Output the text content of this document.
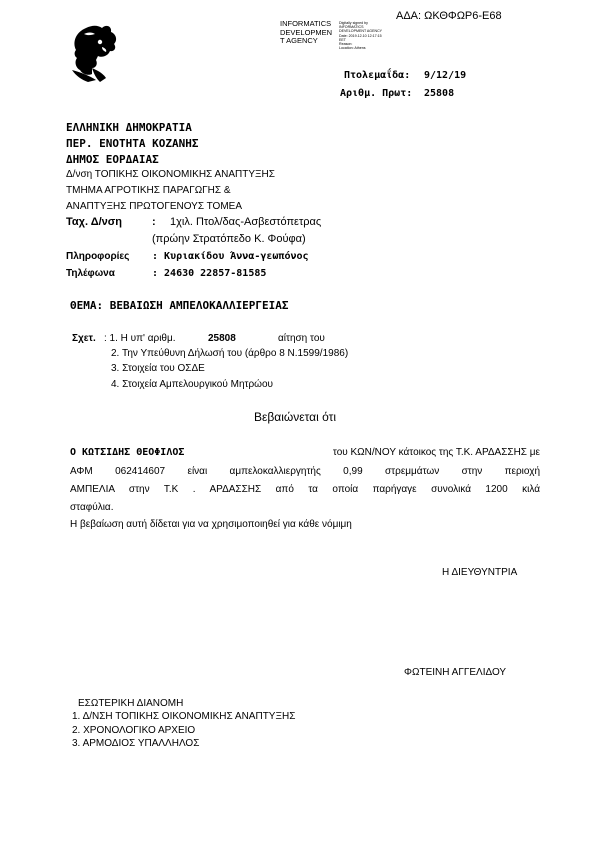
ΑΔΑ: ΩΚΘΦΩΡ6-Ε68
INFORMATICS
DEVELOPMEN
T AGENCY
Digitally signed by
INFORMATICS
DEVELOPMENT AGENCY
Date: 2019.12.10 12:17:15
EET
Reason:
Location: Athens
Πτολεμαΐδα: 9/12/19
Αριθμ. Πρωτ: 25808
ΕΛΛΗΝΙΚΗ ΔΗΜΟΚΡΑΤΙΑ
ΠΕΡ. ΕΝΟΤΗΤΑ ΚΟΖΑΝΗΣ
ΔΗΜΟΣ ΕΟΡΔΑΙΑΣ
Δ/νση ΤΟΠΙΚΗΣ ΟΙΚΟΝΟΜΙΚΗΣ ΑΝΑΠΤΥΞΗΣ
ΤΜΗΜΑ ΑΓΡΟΤΙΚΗΣ ΠΑΡΑΓΩΓΗΣ &
ΑΝΑΠΤΥΞΗΣ ΠΡΩΤΟΓΕΝΟΥΣ ΤΟΜΕΑ
Ταχ. Δ/νση	: 1χιλ. Πτολ/δας-Ασβεστόπετρας
(πρώην Στρατόπεδο Κ. Φούφα)
Πληροφορίες : Κυριακίδου Άννα-γεωπόνος
Τηλέφωνα	: 24630 22857-81585
ΘΕΜΑ: ΒΕΒΑΙΩΣΗ ΑΜΠΕΛΟΚΑΛΛΙΕΡΓΕΙΑΣ
Σχετ. : 1. Η υπ' αριθμ.	25808	αίτηση του
2. Την Υπεύθυνη Δήλωσή του (άρθρο 8 Ν.1599/1986)
3. Στοιχεία του ΟΣΔΕ
4. Στοιχεία Αμπελουργικού Μητρώου
Βεβαιώνεται ότι
Ο ΚΩΤΣΙΔΗΣ ΘΕΟΦΙΛΟΣ	του ΚΩΝ/ΝΟΥ κάτοικος της Τ.Κ. ΑΡΔΑΣΣΗΣ με
ΑΦΜ 062414607 είναι αμπελοκαλλιεργητής 0,99 στρεμμάτων στην περιοχή
ΑΜΠΕΛΙΑ στην Τ.Κ . ΑΡΔΑΣΣΗΣ από τα οποία παρήγαγε συνολικά 1200 κιλά
σταφύλια.
Η βεβαίωση αυτή δίδεται για να χρησιμοποιηθεί για κάθε νόμιμη
Η ΔΙΕΥΘΥΝΤΡΙΑ
ΦΩΤΕΙΝΗ ΑΓΓΕΛΙΔΟΥ
ΕΣΩΤΕΡΙΚΗ ΔΙΑΝΟΜΗ
1. Δ/ΝΣΗ ΤΟΠΙΚΗΣ ΟΙΚΟΝΟΜΙΚΗΣ ΑΝΑΠΤΥΞΗΣ
2. ΧΡΟΝΟΛΟΓΙΚΟ ΑΡΧΕΙΟ
3. ΑΡΜΟΔΙΟΣ ΥΠΑΛΛΗΛΟΣ
